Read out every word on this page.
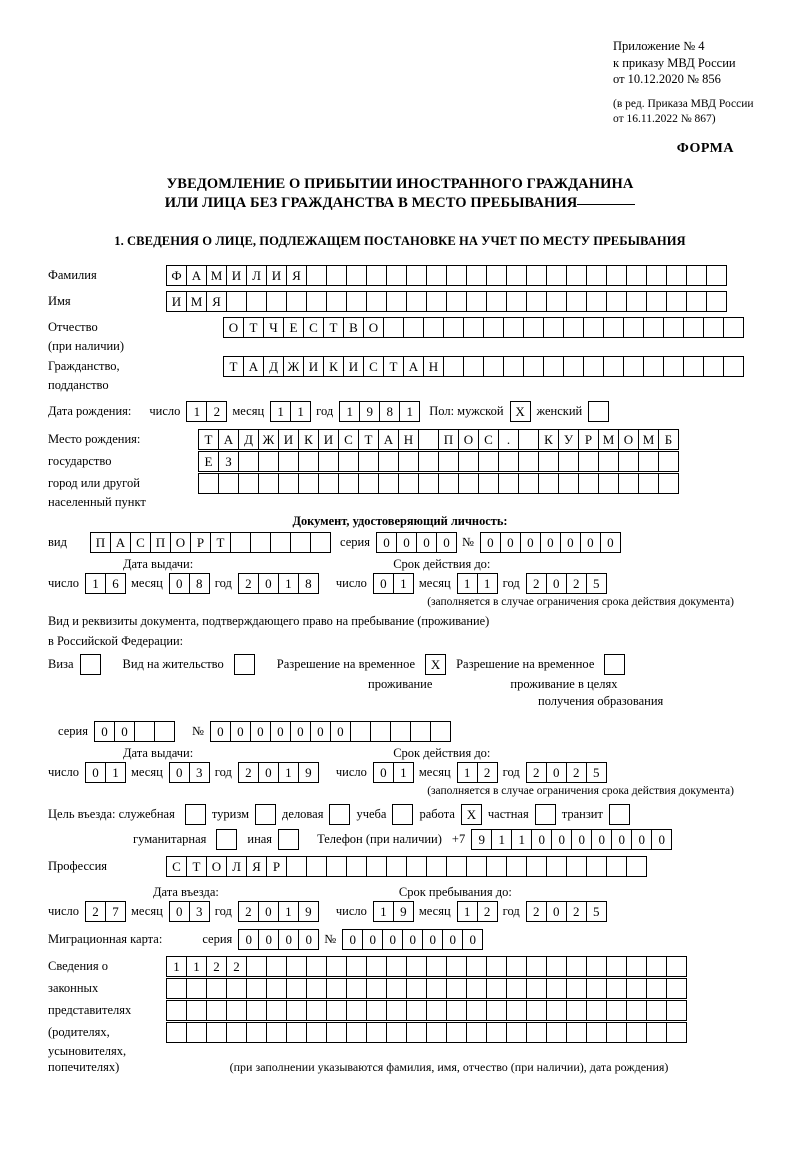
Приложение № 4
к приказу МВД России
от 10.12.2020 № 856
(в ред. Приказа МВД России
от 16.11.2022 № 867)
ФОРМА
УВЕДОМЛЕНИЕ О ПРИБЫТИИ ИНОСТРАННОГО ГРАЖДАНИНА
ИЛИ ЛИЦА БЕЗ ГРАЖДАНСТВА В МЕСТО ПРЕБЫВАНИЯ
1. СВЕДЕНИЯ О ЛИЦЕ, ПОДЛЕЖАЩЕМ ПОСТАНОВКЕ НА УЧЕТ ПО МЕСТУ ПРЕБЫВАНИЯ
Фамилия	Ф А М И Л И Я
Имя	И М Я
Отчество	О Т Ч Е С Т В О
(при наличии)
Гражданство,	Т А Д Ж И К И С Т А Н
подданство
Дата рождения: число	1	2 месяц	1	1 год	1	9	8	1	Пол: мужской X женский
Место рождения:	Т А Д Ж И К И С Т А Н	П О С	.	К У Р М О М Б
государство	Е З
город или другой
населенный пункт
Документ, удостоверяющий личность:
вид	П А С П О Р Т	серия	0	0	0	0 №	0	0	0	0	0	0	0
Дата выдачи:	Срок действия до:
число	1	6 месяц	0	8 год	2	0	1	8	число	0	1 месяц	1	1 год	2	0	2	5
(заполняется в случае ограничения срока действия документа)
Вид и реквизиты документа, подтверждающего право на пребывание (проживание)
в Российской Федерации:
Виза	Вид на жительство	Разрешение на временное	X	Разрешение на временное
проживание	проживание в целях
получения образования
серия	0	0	№	0	0	0	0	0	0	0
Дата выдачи:	Срок действия до:
число	0	1 месяц	0	3 год	2	0	1	9	число	0	1 месяц	1	2 год	2	0	2	5
(заполняется в случае ограничения срока действия документа)
Цель въезда: служебная	туризм	деловая	учеба	работа X частная	транзит
гуманитарная	иная	Телефон (при наличии) +7	9	1	1	0	0	0	0	0	0	0
Профессия	С Т О Л Я Р
Дата въезда:	Срок пребывания до:
число	2	7 месяц	0	3 год	2	0	1	9	число	1	9 месяц	1	2 год	2	0	2	5
Миграционная карта:	серия	0	0	0	0 №	0	0	0	0	0	0	0
Сведения о	1	1	2	2
законных
представителях
(родителях,
усыновителях,
попечителях)	(при заполнении указываются фамилия, имя, отчество (при наличии), дата рождения)
